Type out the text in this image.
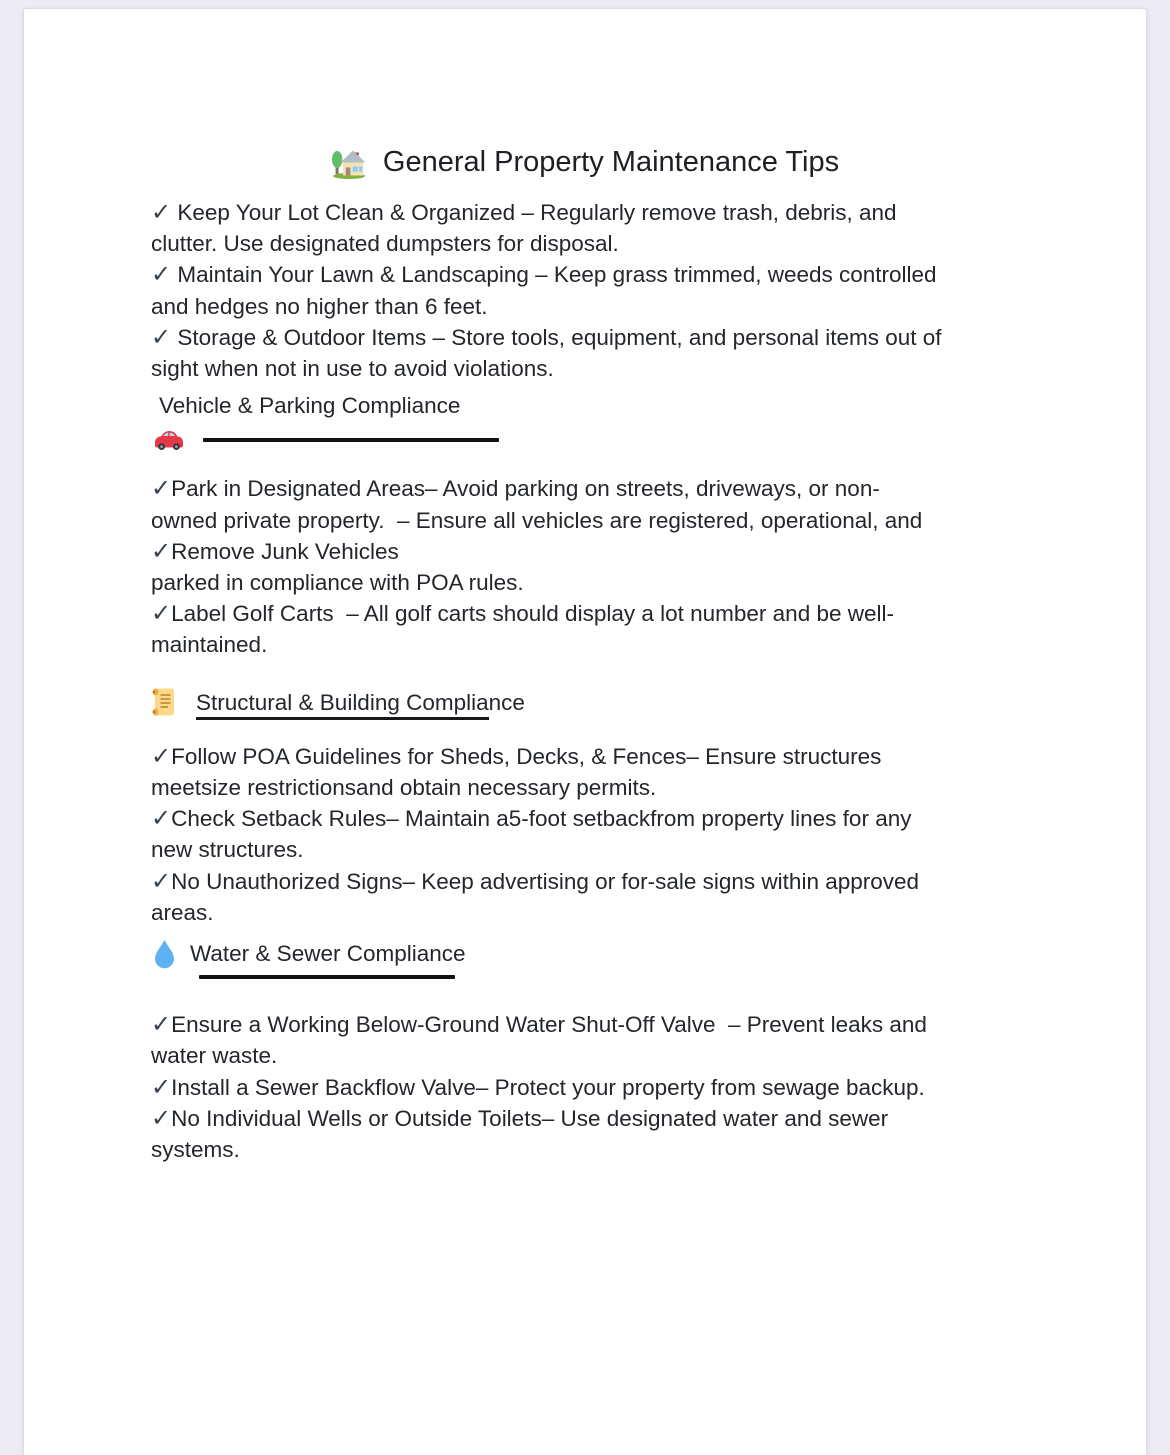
General Property Maintenance Tips
✓ Keep Your Lot Clean & Organized – Regularly remove trash, debris, and
clutter. Use designated dumpsters for disposal.
✓ Maintain Your Lawn & Landscaping – Keep grass trimmed, weeds controlled
and hedges no higher than 6 feet.
✓ Storage & Outdoor Items – Store tools, equipment, and personal items out of
sight when not in use to avoid violations.
Vehicle & Parking Compliance
✓Park in Designated Areas– Avoid parking on streets, driveways, or non-
owned private property.  – Ensure all vehicles are registered, operational, and
✓Remove Junk Vehicles
parked in compliance with POA rules.
✓Label Golf Carts  – All golf carts should display a lot number and be well-
maintained.
Structural & Building Compliance
✓Follow POA Guidelines for Sheds, Decks, & Fences– Ensure structures
meetsize restrictionsand obtain necessary permits.
✓Check Setback Rules– Maintain a5-foot setbackfrom property lines for any
new structures.
✓No Unauthorized Signs– Keep advertising or for-sale signs within approved
areas.
Water & Sewer Compliance
✓Ensure a Working Below-Ground Water Shut-Off Valve  – Prevent leaks and
water waste.
✓Install a Sewer Backflow Valve– Protect your property from sewage backup.
✓No Individual Wells or Outside Toilets– Use designated water and sewer
systems.
